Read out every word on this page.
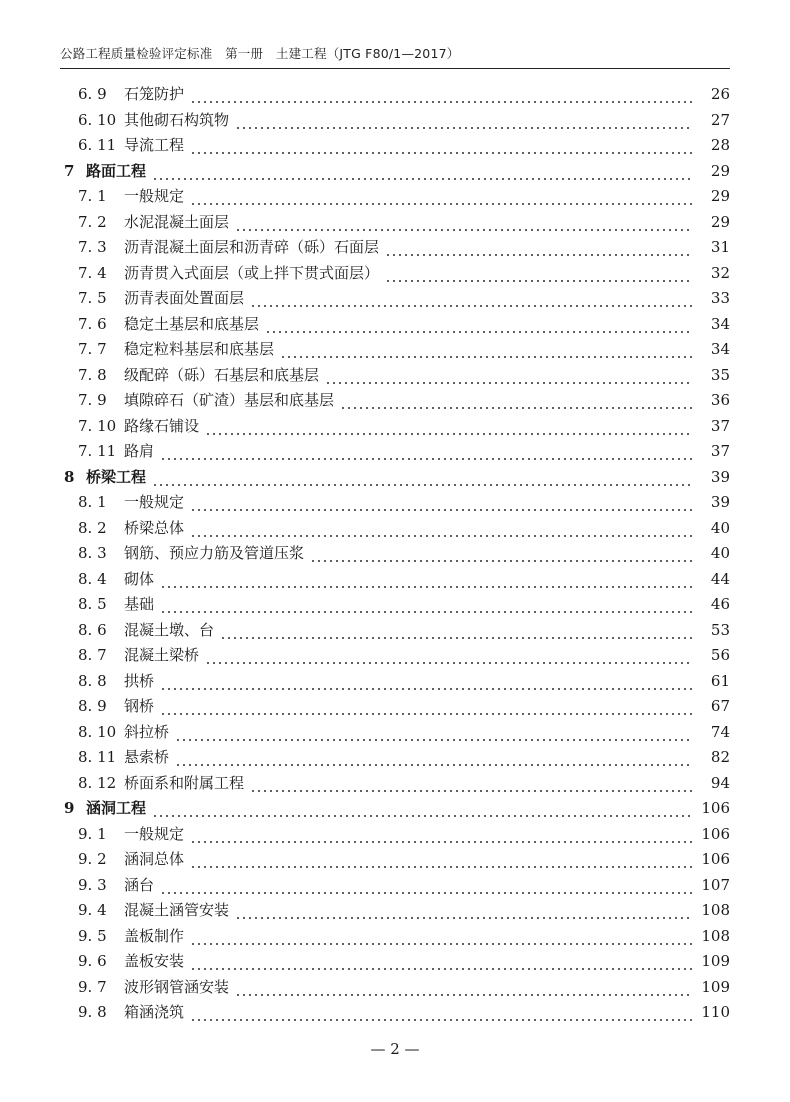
公路工程质量检验评定标准　第一册　土建工程（JTG F80/1—2017）
6. 9	石笼防护	26
6. 10 其他砌石构筑物	27
6. 11 导流工程	28
7 路面工程	29
7. 1	一般规定	29
7. 2	水泥混凝土面层	29
7. 3	沥青混凝土面层和沥青碎（砾）石面层	31
7. 4	沥青贯入式面层（或上拌下贯式面层）	32
7. 5	沥青表面处置面层	33
7. 6	稳定土基层和底基层	34
7. 7	稳定粒料基层和底基层	34
7. 8	级配碎（砾）石基层和底基层	35
7. 9	填隙碎石（矿渣）基层和底基层	36
7. 10 路缘石铺设	37
7. 11 路肩	37
8 桥梁工程	39
8. 1	一般规定	39
8. 2	桥梁总体	40
8. 3	钢筋、预应力筋及管道压浆	40
8. 4	砌体	44
8. 5	基础	46
8. 6	混凝土墩、台	53
8. 7	混凝土梁桥	56
8. 8	拱桥	61
8. 9	钢桥	67
8. 10 斜拉桥	74
8. 11 悬索桥	82
8. 12 桥面系和附属工程	94
9 涵洞工程	106
9. 1	一般规定	106
9. 2	涵洞总体	106
9. 3	涵台	107
9. 4	混凝土涵管安装	108
9. 5	盖板制作	108
9. 6	盖板安装	109
9. 7	波形钢管涵安装	109
9. 8	箱涵浇筑	110
— 2 —
